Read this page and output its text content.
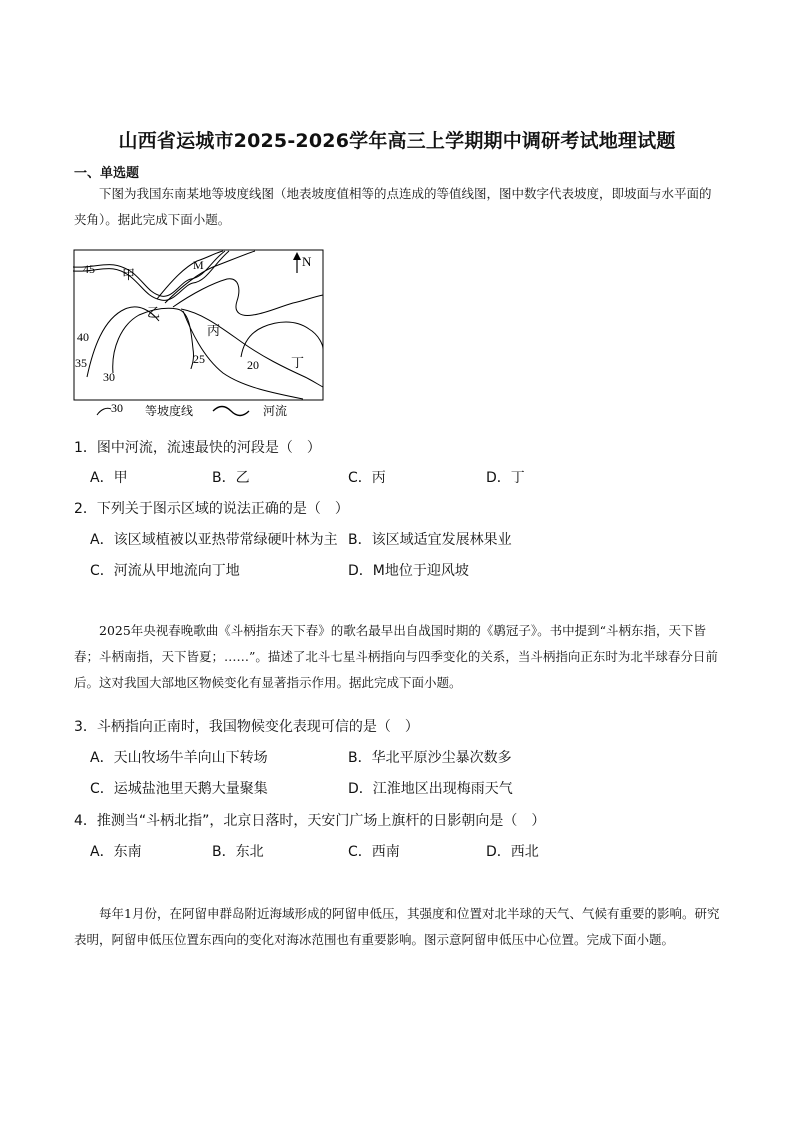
山西省运城市2025-2026学年高三上学期期中调研考试地理试题
一、单选题
下图为我国东南某地等坡度线图（地表坡度值相等的点连成的等值线图，图中数字代表坡度，即坡面与水平面的夹角）。据此完成下面小题。
N
45 甲
M
乙
丙
40
35
30
25	20 丁
30 等坡度线	河流
1．图中河流，流速最快的河段是（　）
A．甲	B．乙	C．丙	D．丁
2．下列关于图示区域的说法正确的是（　）
A．该区域植被以亚热带常绿硬叶林为主 B．该区域适宜发展林果业
C．河流从甲地流向丁地	D．M地位于迎风坡
2025年央视春晚歌曲《斗柄指东天下春》的歌名最早出自战国时期的《鹖冠子》。书中提到“斗柄东指，天下皆春；斗柄南指，天下皆夏；……”。描述了北斗七星斗柄指向与四季变化的关系，当斗柄指向正东时为北半球春分日前后。这对我国大部地区物候变化有显著指示作用。据此完成下面小题。
3．斗柄指向正南时，我国物候变化表现可信的是（　）
A．天山牧场牛羊向山下转场	B．华北平原沙尘暴次数多
C．运城盐池里天鹅大量聚集	D．江淮地区出现梅雨天气
4．推测当“斗柄北指”，北京日落时，天安门广场上旗杆的日影朝向是（　）
A．东南	B．东北	C．西南	D．西北
每年1月份，在阿留申群岛附近海域形成的阿留申低压，其强度和位置对北半球的天气、气候有重要的影响。研究表明，阿留申低压位置东西向的变化对海冰范围也有重要影响。图示意阿留申低压中心位置。完成下面小题。
